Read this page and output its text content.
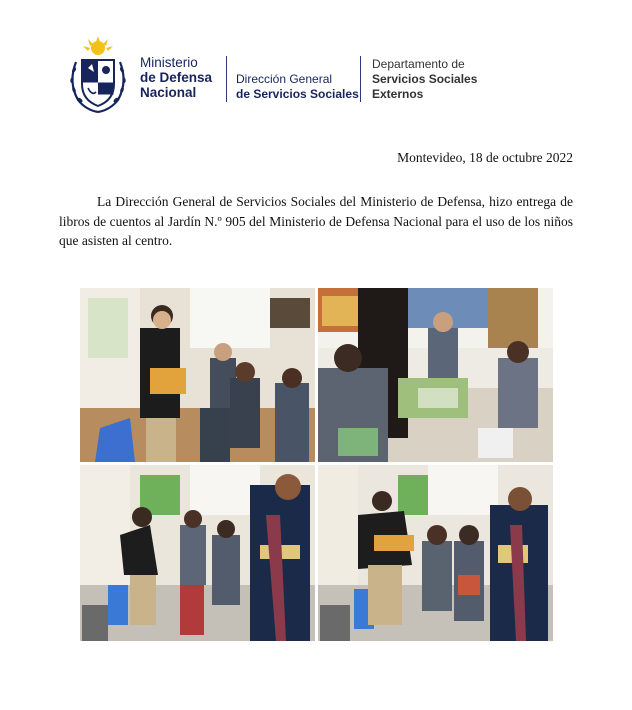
Ministerio
de Defensa
Nacional
Dirección General
de Servicios Sociales
Departamento de
Servicios Sociales
Externos
Montevideo, 18 de octubre 2022
La Dirección General de Servicios Sociales del Ministerio de Defensa, hizo entrega de libros de cuentos al Jardín N.º 905 del Ministerio de Defensa Nacional para el uso de los niños que asisten al centro.
